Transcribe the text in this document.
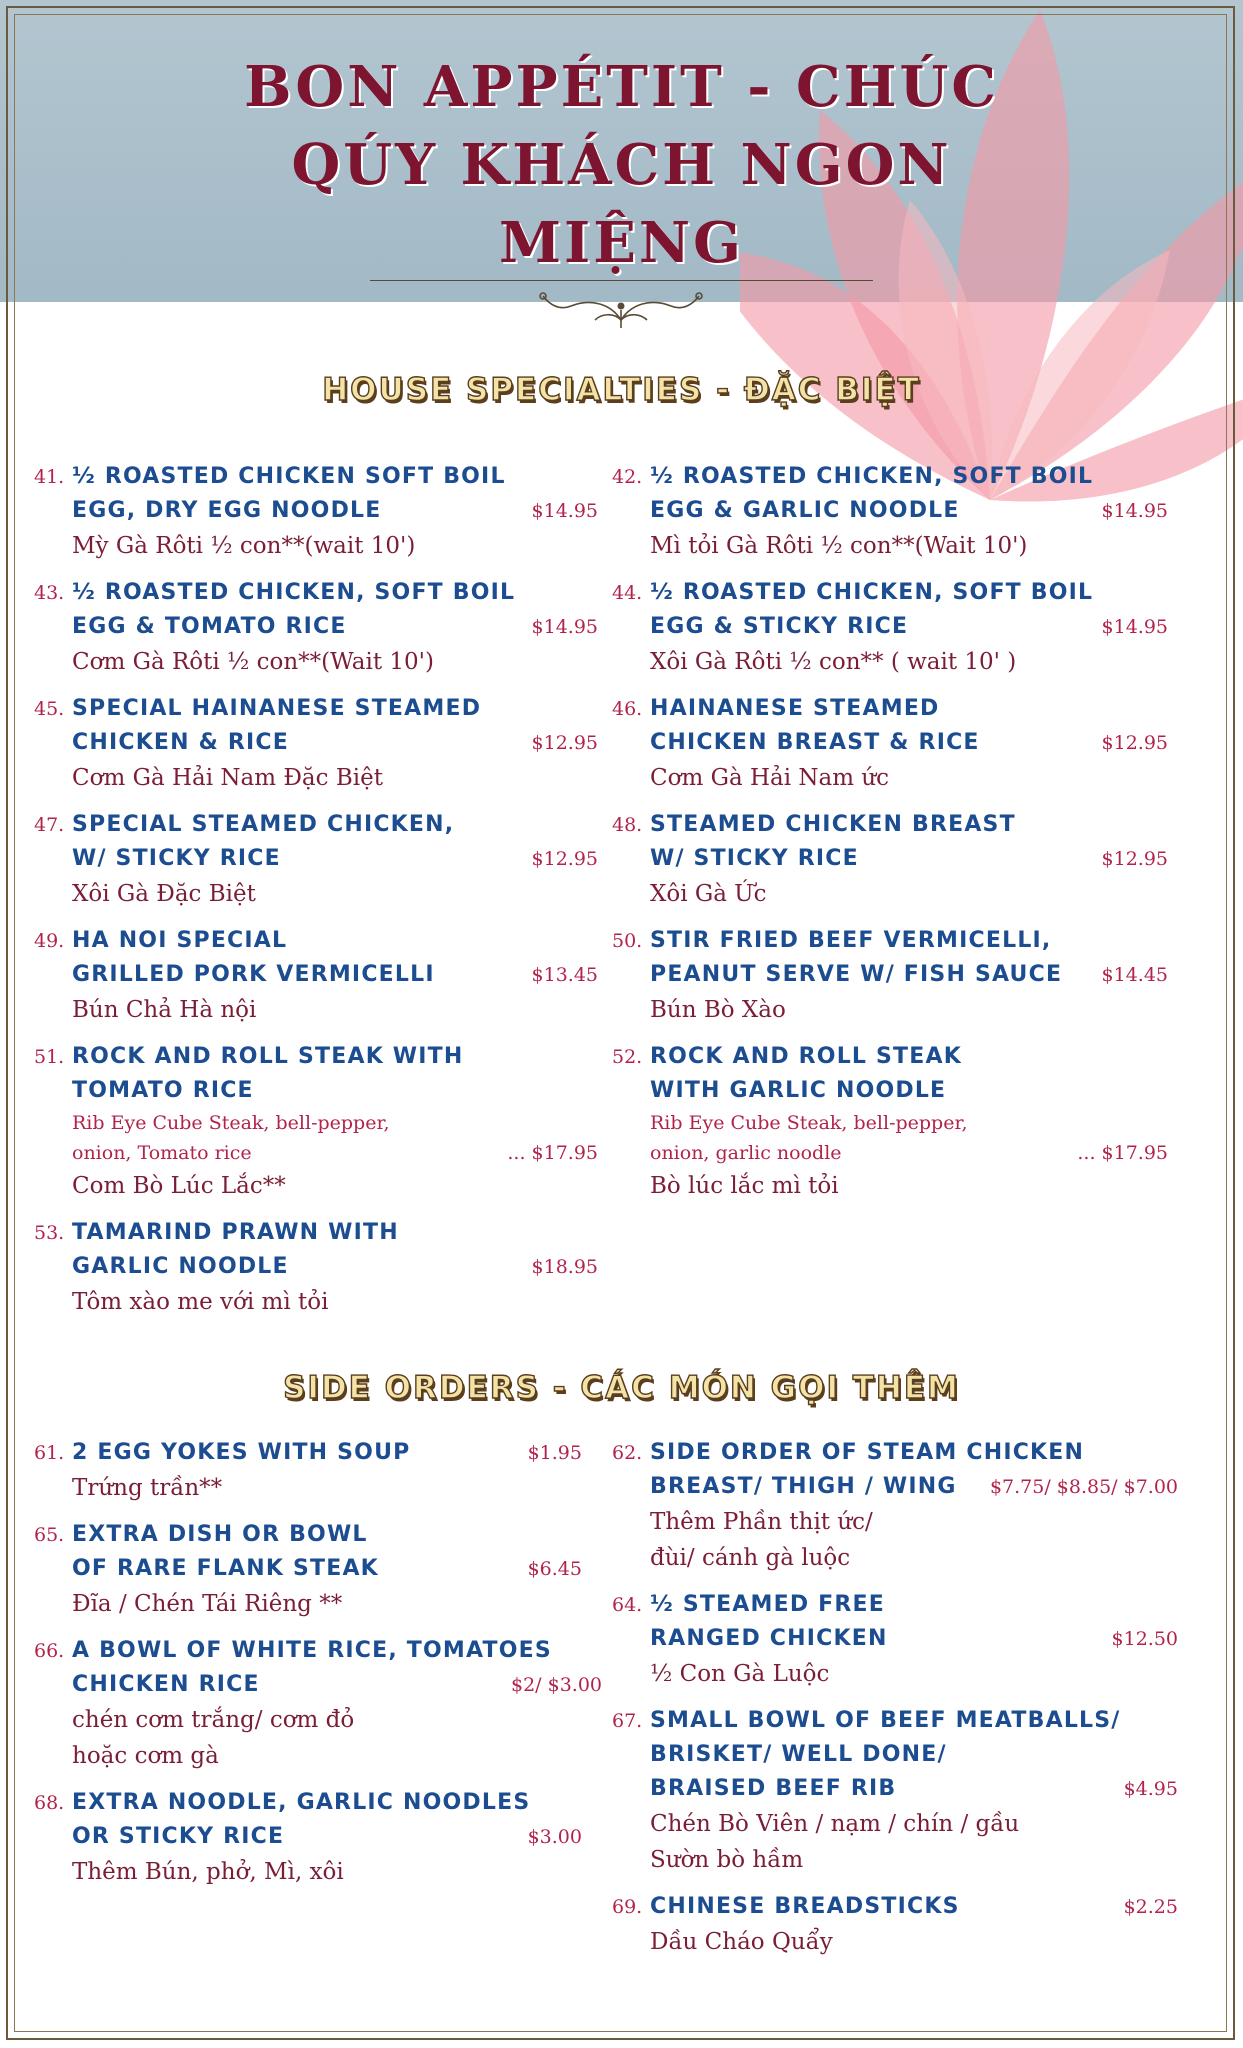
BON APPÉTIT - CHÚC
QÚY KHÁCH NGON
MIỆNG
HOUSE SPECIALTIES - ĐẶC BIỆT
41. ½ ROASTED CHICKEN SOFT BOIL
EGG, DRY EGG NOODLE
Mỳ Gà Rôti ½ con**(wait 10')
$14.95
43. ½ ROASTED CHICKEN, SOFT BOIL
EGG & TOMATO RICE
Cơm Gà Rôti ½ con**(Wait 10')
$14.95
45. SPECIAL HAINANESE STEAMED
CHICKEN & RICE
Cơm Gà Hải Nam Đặc Biệt
$12.95
47. SPECIAL STEAMED CHICKEN,
W/ STICKY RICE
Xôi Gà Đặc Biệt
$12.95
49. HA NOI SPECIAL
GRILLED PORK VERMICELLI
Bún Chả Hà nội
$13.45
51. ROCK AND ROLL STEAK WITH
TOMATO RICE
Rib Eye Cube Steak, bell-pepper,
onion, Tomato rice
Com Bò Lúc Lắc**
... $17.95
53. TAMARIND PRAWN WITH
GARLIC NOODLE
Tôm xào me với mì tỏi
$18.95
42. ½ ROASTED CHICKEN, SOFT BOIL
EGG & GARLIC NOODLE
Mì tỏi Gà Rôti ½ con**(Wait 10')
$14.95
44. ½ ROASTED CHICKEN, SOFT BOIL
EGG & STICKY RICE
Xôi Gà Rôti ½ con** ( wait 10' )
$14.95
46. HAINANESE STEAMED
CHICKEN BREAST & RICE
Cơm Gà Hải Nam ức
$12.95
48. STEAMED CHICKEN BREAST
W/ STICKY RICE
Xôi Gà Ức
$12.95
50. STIR FRIED BEEF VERMICELLI,
PEANUT SERVE W/ FISH SAUCE
Bún Bò Xào
$14.45
52. ROCK AND ROLL STEAK
WITH GARLIC NOODLE
Rib Eye Cube Steak, bell-pepper,
onion, garlic noodle
Bò lúc lắc mì tỏi
... $17.95
SIDE ORDERS - CÁC MÓN GỌI THÊM
61. 2 EGG YOKES WITH SOUP
Trứng trần**
$1.95
65. EXTRA DISH OR BOWL
OF RARE FLANK STEAK
Đĩa / Chén Tái Riêng **
$6.45
66. A BOWL OF WHITE RICE, TOMATOES
CHICKEN RICE
chén cơm trắng/ cơm đỏ
hoặc cơm gà
$2/ $3.00
68. EXTRA NOODLE, GARLIC NOODLES
OR STICKY RICE
Thêm Bún, phở, Mì, xôi
$3.00
62. SIDE ORDER OF STEAM CHICKEN
BREAST/ THIGH / WING
Thêm Phần thịt ức/
đùi/ cánh gà luộc
$7.75/ $8.85/ $7.00
64. ½ STEAMED FREE
RANGED CHICKEN
½ Con Gà Luộc
$12.50
67. SMALL BOWL OF BEEF MEATBALLS/
BRISKET/ WELL DONE/
BRAISED BEEF RIB
Chén Bò Viên / nạm / chín / gầu
Sườn bò hầm
$4.95
69. CHINESE BREADSTICKS
Dầu Cháo Quẩy
$2.25
